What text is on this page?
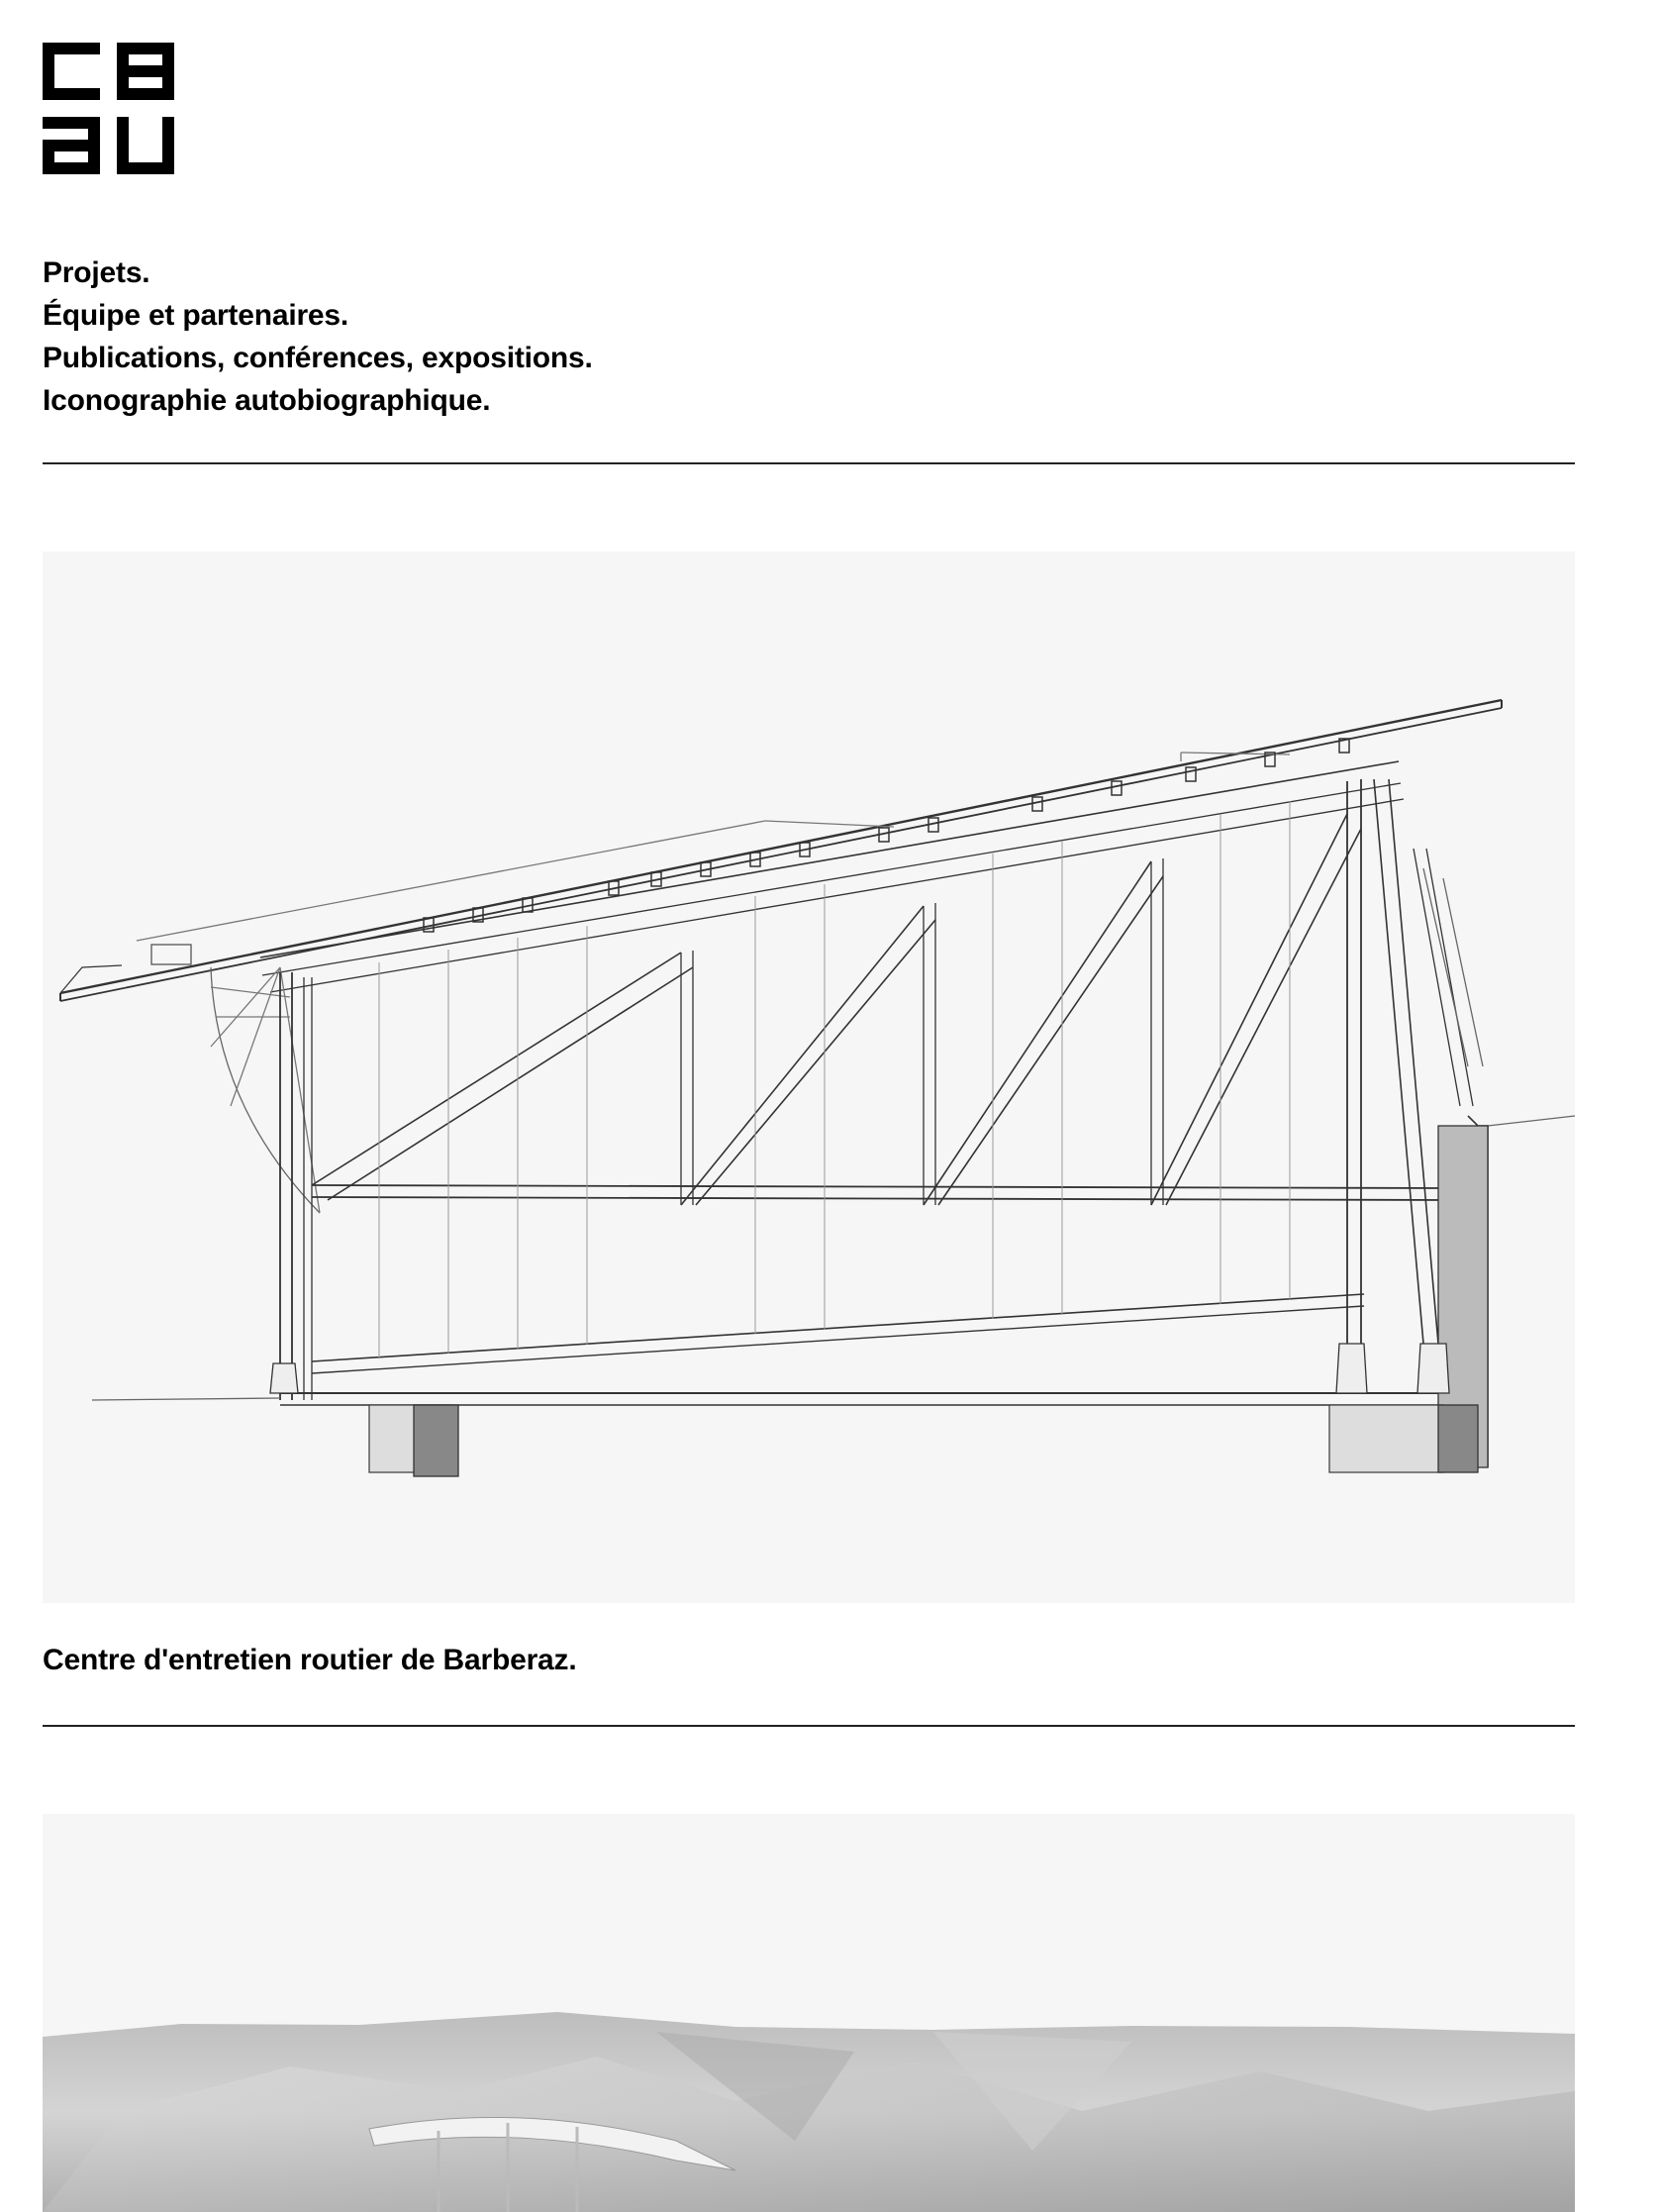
Projets.
Équipe et partenaires.
Publications, conférences, expositions.
Iconographie autobiographique.
Centre d'entretien routier de Barberaz.
